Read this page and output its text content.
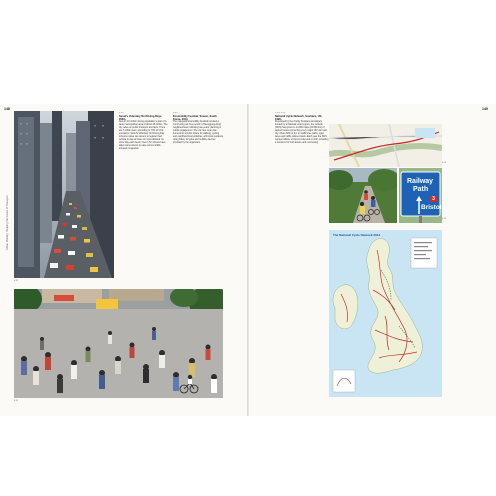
148
Urban Mobility: Shaping the Future of Transport
4.23
4.23
Seoul's Voluntary No Driving Days, 2003–
Seoul's 10 million strong population is part of a wider metropolitan area of about 25 million. The city relies on public transport and taxis. There are 3 million cars, according to 70% of CO2 emissions. Seoul's Voluntary No Driving Day scheme invites car owners to register their vehicle to stay at home on a pre-allowed 'no drive' day each week. Over 1.5m drivers have taken some drivers to ease current traffic-induced congestion.
4.24
Ecomobility Festival, Suwon, South Korea, 2013
The inaugural Ecomobility Festival involved a month-long car-free period in Haenggung-dong neighbourhood, following two years' planning in public engagement. The car-free zone was turned into a public space for walking, cycling and neighbourhood activities, with local residents using bikes, tricycles and mobility devices provided by the organisers.
4.24
149
4.25, 4.26
National Cycle Network, Sustrans, UK, 1995–
Developed by the charity Sustrans and largely funded by a National Lottery grant, the network (NCN) has grown to 14,000 miles (22,500 km) of signed routes connecting every major UK town and city. About 60% of it is on traffic-free paths, quiet lanes and traffic-calmed roads. Each year the NCN carries millions of trips by bike and on foot, providing a resource for both leisure and commuting.
4.25
Railway
Path
3
Bristol
4.26
The National Cycle Network 2013
